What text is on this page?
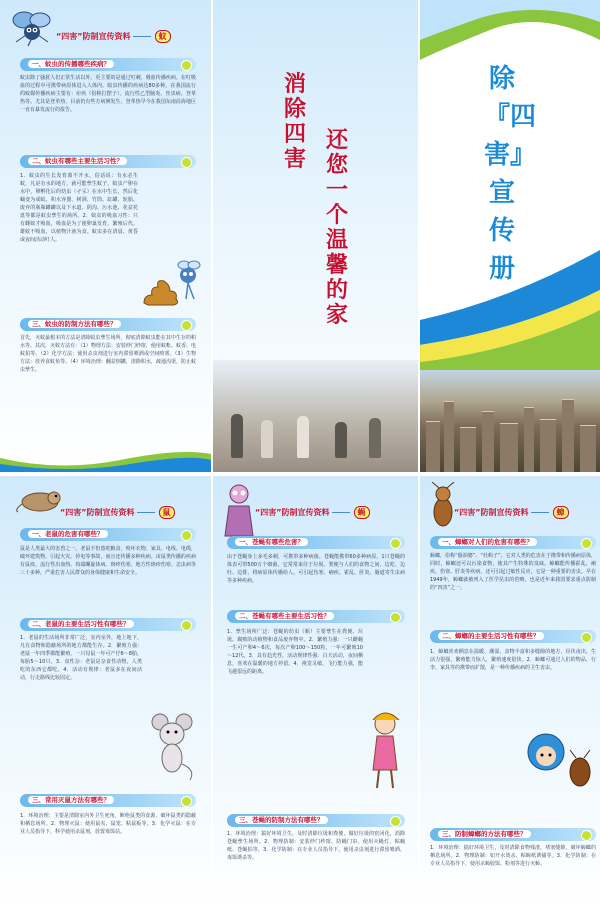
“四害”防制宣传资料	蚊
一、蚊虫的传播哪些疾病？

蚊虫除了骚扰人们正常生活以外，更主要的是通过叮刺，吸血传播疾病。在叮吸血的过程中可携带病原体进入人体内。蚊虫传播的疾病达80多种。在我国流行的蚊媒传播疾病主要有：疟疾（俗称打摆子）、流行性乙型脑炎、丝虫病、登革热等。尤其是登革热，目前仍有些方病例发生，登革热早今在我国东南沿海地区一直有暴发流行的报告。

二、蚊虫有哪些主要生活习性？

1．蚊虫的生长发育离不开水，俗话说：有水必生蚊，凡是有水的地方，就可能孳生蚊子。蚊虫产卵在水中，卵孵化后的幼虫（孑孓）在水中生长，然后化蛹变为成蚊。积水容器、树洞、竹筒、缸罐、轮胎、废弃的瓶瓶罐罐以及下水道、阴沟、污水池、花盆托盘等都是蚊虫孳生的场所。2．蚊虫的吸血习性：只有雌蚊才吸血，吸血是为了使卵巢发育，繁殖后代。雄蚊不吸血，以植物汁液为食。蚊虫多在清晨、黄昏或夜间活动叮人。

三、蚊虫的防制方法有哪些？

首先，灭蚊最根本的方法是清除蚊虫孳生场所，彻底清除蚊虫能在其中生存的积水等。其次，灭蚊方法有：（1）物理方法：安装纱门纱窗，使用蚊帐、蚊香、电蚊拍等。（2）化学方法：使用杀虫剂进行室内滞留喷洒或空间喷雾。（3）生物方法：放养食蚊鱼等。（4）环境治理：翻盆倒罐，清除积水，疏通沟渠，防止蚊虫孳生。

消除四害
还您一个温馨的家
除『四害』宣传册
“四害”防制宣传资料	鼠
一、老鼠的危害有哪些？

鼠是人类最大的害兽之一。老鼠不但盗吃粮食，咬坏衣物、家具、电线、电缆，破坏建筑物，引起火灾、停电等事故，而且还传播多种疾病。由鼠类传播的疾病有鼠疫、流行性出血热、钩端螺旋体病、斑疹伤寒、地方性斑疹伤寒、恙虫病等三十多种，严重危害人民群众的身体健康和生命安全。

二、老鼠的主要生活习性有哪些？

1．老鼠的生活场所非常广泛，室内室外，地上地下，凡有食物和隐蔽场所的地方都能生存。2．繁殖力强：老鼠一年四季都能繁殖，一只母鼠一年可产仔6～8胎，每胎5～10只。3．食性杂：老鼠是杂食性动物，人类吃的东西它都吃。4．活动有规律：老鼠多在夜间活动，行走路线比较固定。

三、常用灭鼠方法有哪些？

1．环境治理：主要是清除室内外卫生死角，断绝鼠类的食源，破坏鼠类的隐蔽和栖息场所。2．物理灭鼠：使用鼠夹、鼠笼、粘鼠板等。3．化学灭鼠：在专业人员指导下，科学使用杀鼠剂，放置毒饵站。

“四害”防制宣传资料	蝇
一、苍蝇有哪些危害？

由于苍蝇身上多毛多刺，可携带多种病菌。苍蝇能携带60多种病原，1只苍蝇的体表可带500万个细菌。它常常来往于垃圾、粪便与人们的食物之间，边吃、边吐、边排，将病原体传播给人。可引起伤寒、痢疾、霍乱、肝炎、肠道寄生虫病等多种疾病。

二、苍蝇有哪些主要生活习性？

1．孳生场所广泛：苍蝇的幼虫（蛆）主要孳生在粪便、垃圾、腐败的动植物和食品废弃物中。2．繁殖力强：一只雌蝇一生可产卵4～6次，每次产卵100～150粒，一年可繁殖10～12代。3．具有趋光性，活动规律性强：白天活动，夜间栖息，喜欢在温暖的地方停留。4．视觉灵敏，飞行能力强，能飞越很远的距离。

三、苍蝇的防制方法有哪些？

1．环境治理：搞好环境卫生，及时清除垃圾和粪便，做好垃圾的密闭化，消除苍蝇孳生场所。2．物理防制：安装纱门纱窗、防蝇门帘，使用灭蝇灯、粘蝇纸、苍蝇拍等。3．化学防制：在专业人员指导下，使用杀虫剂进行滞留喷洒、毒饵诱杀等。

“四害”防制宣传资料	蟑
一、蟑螂对人们的危害有哪些？

蟑螂，俗称“偷油婆”、“灶蚂子”，它对人类的危害在于携带和传播病原体，同时，蟑螂还可以污染食物，使其产生特殊的臭味。蟑螂能传播霍乱、痢疾、伤寒、肝炎等疾病，还可引起过敏性反应，它是一种重要的害虫。早在1949年，蟑螂就被列入了医学昆虫的范畴，也是近年来我国要求重点防制的“四害”之一。

二、蟑螂的主要生活习性有哪些？

1．蟑螂喜欢栖息在温暖、潮湿、食物丰富和多缝隙的地方，昼伏夜出，生活力很强，繁殖能力惊人，繁殖速度很快。2．蟑螂可通过人们的物品、行李、家具等的携带而扩散，是一种传播疾病的卫生害虫。

三、防制蟑螂的方法有哪些？

1．环境治理：搞好环境卫生，及时清除食物残渣，堵塞缝隙，破坏蟑螂的栖息场所。2．物理防制：如开水烫杀、粘蟑纸诱捕等。3．化学防制：在专业人员指导下，使用杀蟑胶饵、粉剂等进行灭蟑。
